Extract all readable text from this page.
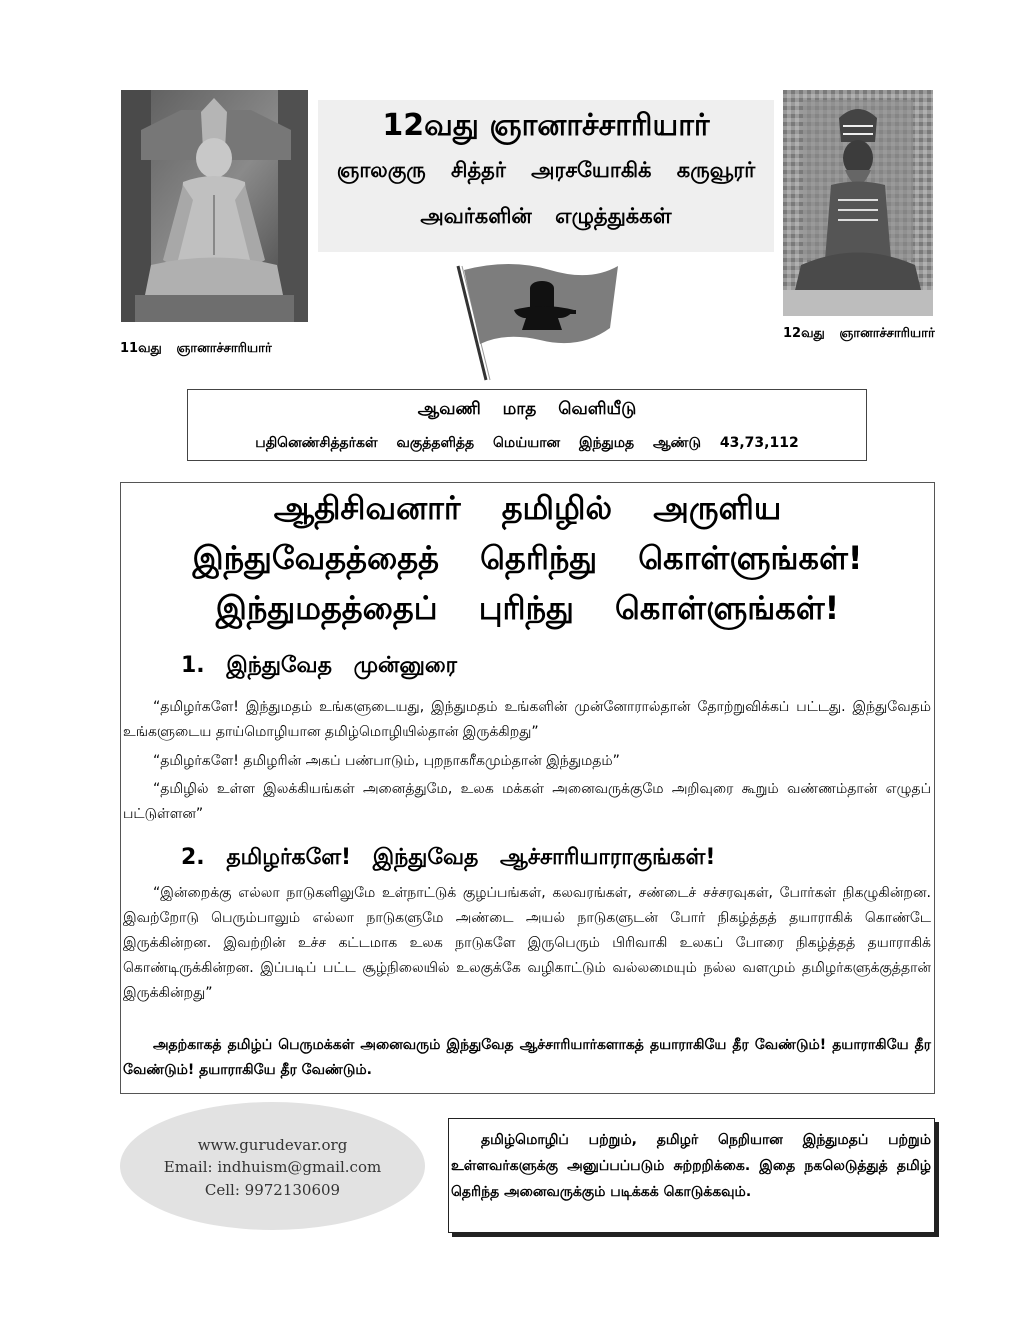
12வது ஞானாச்சாரியார்
ஞாலகுரு சித்தர் அரசயோகிக் கருவூரர்
அவர்களின் எழுத்துக்கள்
12வது ஞானாச்சாரியார்
11வது ஞானாச்சாரியார்
ஆவணி மாத வெளியீடு
பதினெண்சித்தர்கள் வகுத்தளித்த மெய்யான இந்துமத ஆண்டு 43,73,112
ஆதிசிவனார் தமிழில் அருளிய
இந்துவேதத்தைத் தெரிந்து கொள்ளுங்கள்!
இந்துமதத்தைப் புரிந்து கொள்ளுங்கள்!
1. இந்துவேத முன்னுரை
“தமிழர்களே! இந்துமதம் உங்களுடையது, இந்துமதம் உங்களின் முன்னோரால்தான் தோற்றுவிக்கப் பட்டது. இந்துவேதம் உங்களுடைய தாய்மொழியான தமிழ்மொழியில்தான் இருக்கிறது”
“தமிழர்களே! தமிழரின் அகப் பண்பாடும், புறநாகரீகமும்தான் இந்துமதம்”
“தமிழில் உள்ள இலக்கியங்கள் அனைத்துமே, உலக மக்கள் அனைவருக்குமே அறிவுரை கூறும் வண்ணம்தான் எழுதப் பட்டுள்ளன”
2. தமிழர்களே! இந்துவேத ஆச்சாரியாராகுங்கள்!
“இன்றைக்கு எல்லா நாடுகளிலுமே உள்நாட்டுக் குழப்பங்கள், கலவரங்கள், சண்டைச் சச்சரவுகள், போர்கள் நிகழுகின்றன. இவற்றோடு பெரும்பாலும் எல்லா நாடுகளுமே அண்டை அயல் நாடுகளுடன் போர் நிகழ்த்தத் தயாராகிக் கொண்டே இருக்கின்றன. இவற்றின் உச்ச கட்டமாக உலக நாடுகளே இருபெரும் பிரிவாகி உலகப் போரை நிகழ்த்தத் தயாராகிக் கொண்டிருக்கின்றன. இப்படிப் பட்ட சூழ்நிலையில் உலகுக்கே வழிகாட்டும் வல்லமையும் நல்ல வளமும் தமிழர்களுக்குத்தான் இருக்கின்றது”
அதற்காகத் தமிழ்ப் பெருமக்கள் அனைவரும் இந்துவேத ஆச்சாரியார்களாகத் தயாராகியே தீர வேண்டும்! தயாராகியே தீர வேண்டும்! தயாராகியே தீர வேண்டும்.
www.gurudevar.org
Email: indhuism@gmail.com
Cell: 9972130609
தமிழ்மொழிப் பற்றும், தமிழர் நெறியான இந்துமதப் பற்றும் உள்ளவர்களுக்கு அனுப்பப்படும் சுற்றறிக்கை. இதை நகலெடுத்துத் தமிழ் தெரிந்த அனைவருக்கும் படிக்கக் கொடுக்கவும்.
